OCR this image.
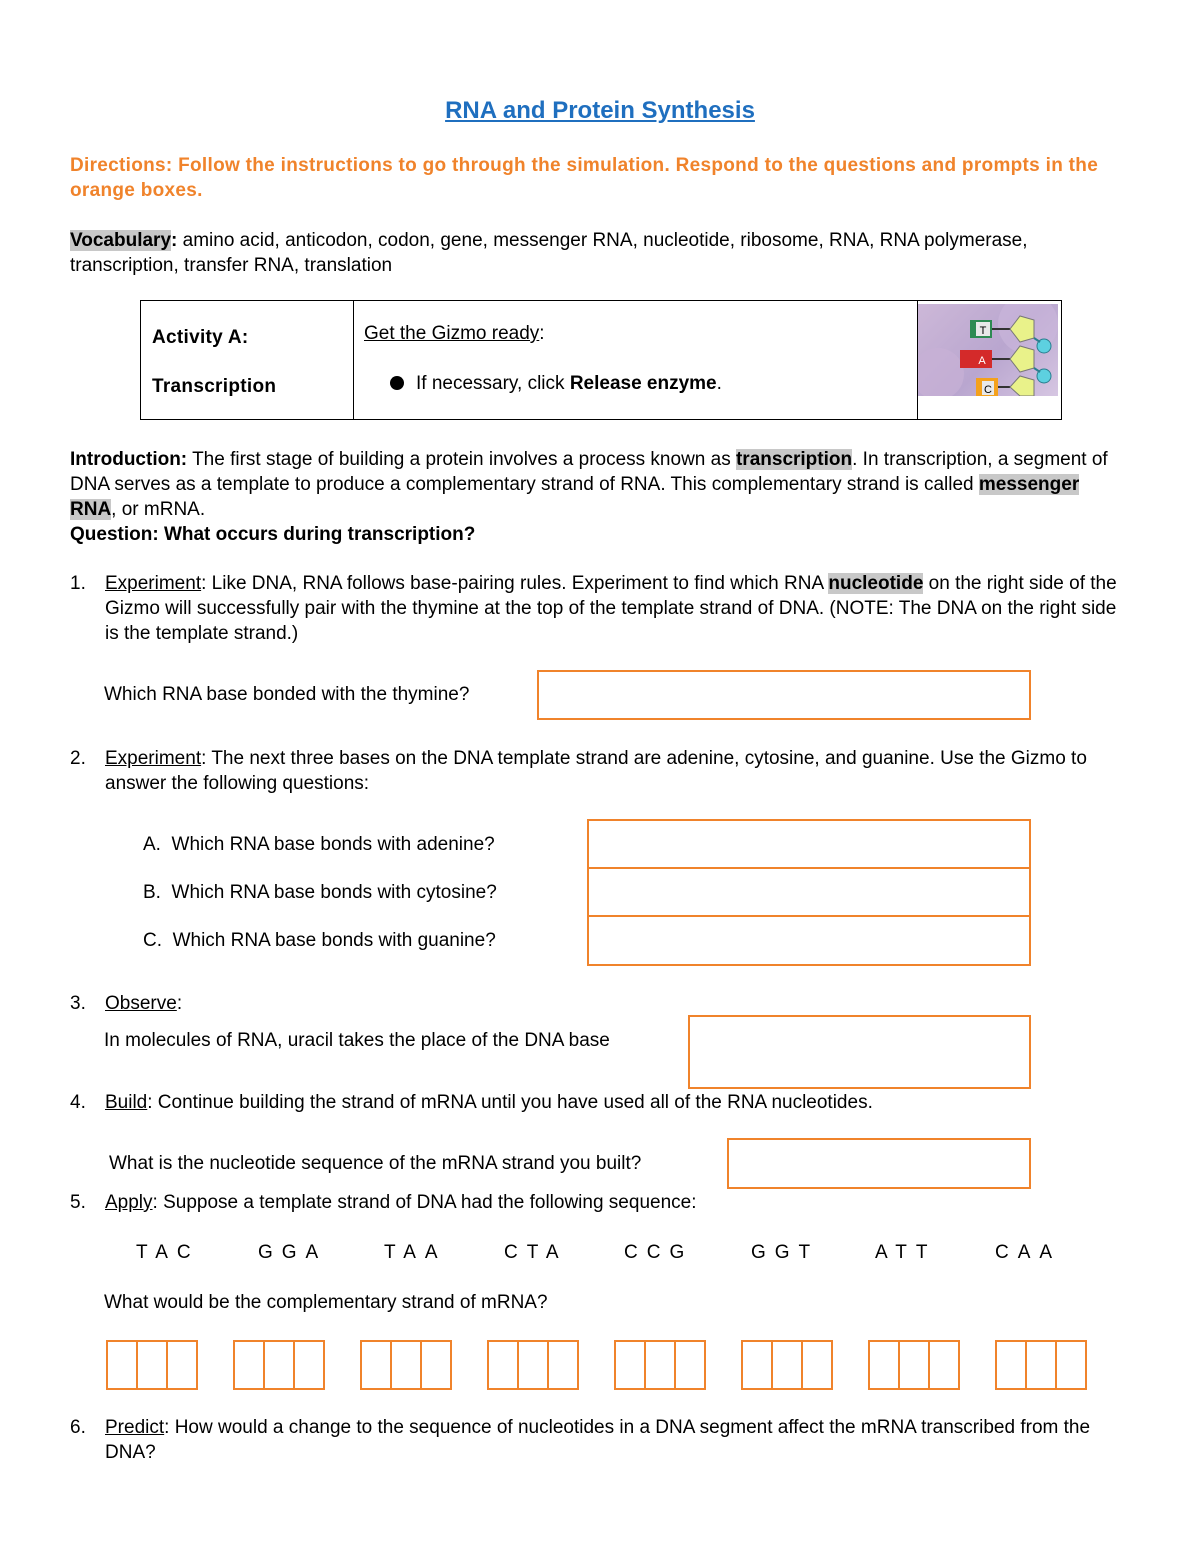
RNA and Protein Synthesis
Directions: Follow the instructions to go through the simulation. Respond to the questions and prompts in the orange boxes.
Vocabulary: amino acid, anticodon, codon, gene, messenger RNA, nucleotide, ribosome, RNA, RNA polymerase, transcription, transfer RNA, translation

Activity A:
Transcription
Get the Gizmo ready:
If necessary, click Release enzyme.
T
A
C
Introduction: The first stage of building a protein involves a process known as transcription. In transcription, a segment of DNA serves as a template to produce a complementary strand of RNA. This complementary strand is called messenger RNA, or mRNA.
Question: What occurs during transcription?
1. Experiment: Like DNA, RNA follows base-pairing rules. Experiment to find which RNA nucleotide on the right side of the Gizmo will successfully pair with the thymine at the top of the template strand of DNA. (NOTE: The DNA on the right side is the template strand.)
Which RNA base bonded with the thymine?
2. Experiment: The next three bases on the DNA template strand are adenine, cytosine, and guanine. Use the Gizmo to answer the following questions:
A. Which RNA base bonds with adenine?
B. Which RNA base bonds with cytosine?
C. Which RNA base bonds with guanine?
3. Observe:
In molecules of RNA, uracil takes the place of the DNA base
4. Build: Continue building the strand of mRNA until you have used all of the RNA nucleotides.
What is the nucleotide sequence of the mRNA strand you built?
5. Apply: Suppose a template strand of DNA had the following sequence:
TAC	GGA	TAA	CTA	CCG	GGT	ATT	CAA
What would be the complementary strand of mRNA?
6. Predict: How would a change to the sequence of nucleotides in a DNA segment affect the mRNA transcribed from the DNA?
